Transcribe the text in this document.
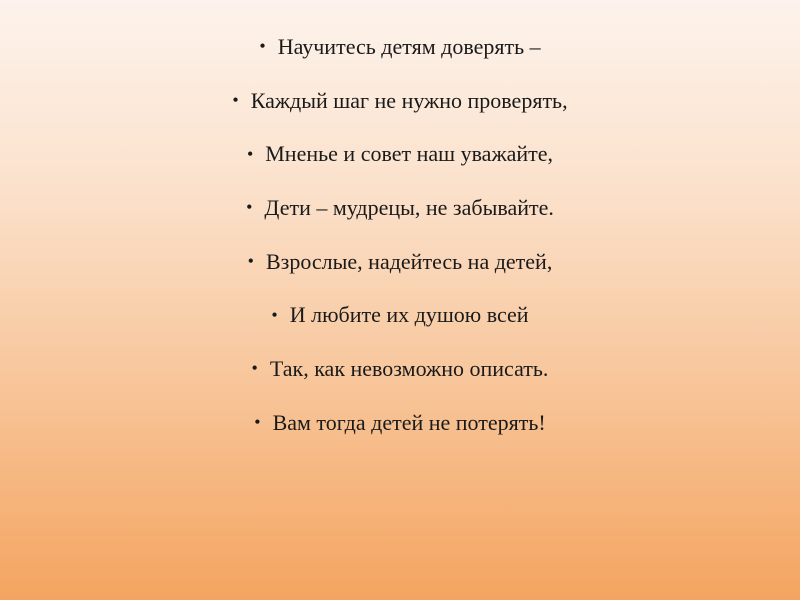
• Научитесь детям доверять –
• Каждый шаг не нужно проверять,
• Мненье и совет наш уважайте,
• Дети – мудрецы, не забывайте.
• Взрослые, надейтесь на детей,
• И любите их душою всей
• Так, как невозможно описать.
• Вам тогда детей не потерять!
